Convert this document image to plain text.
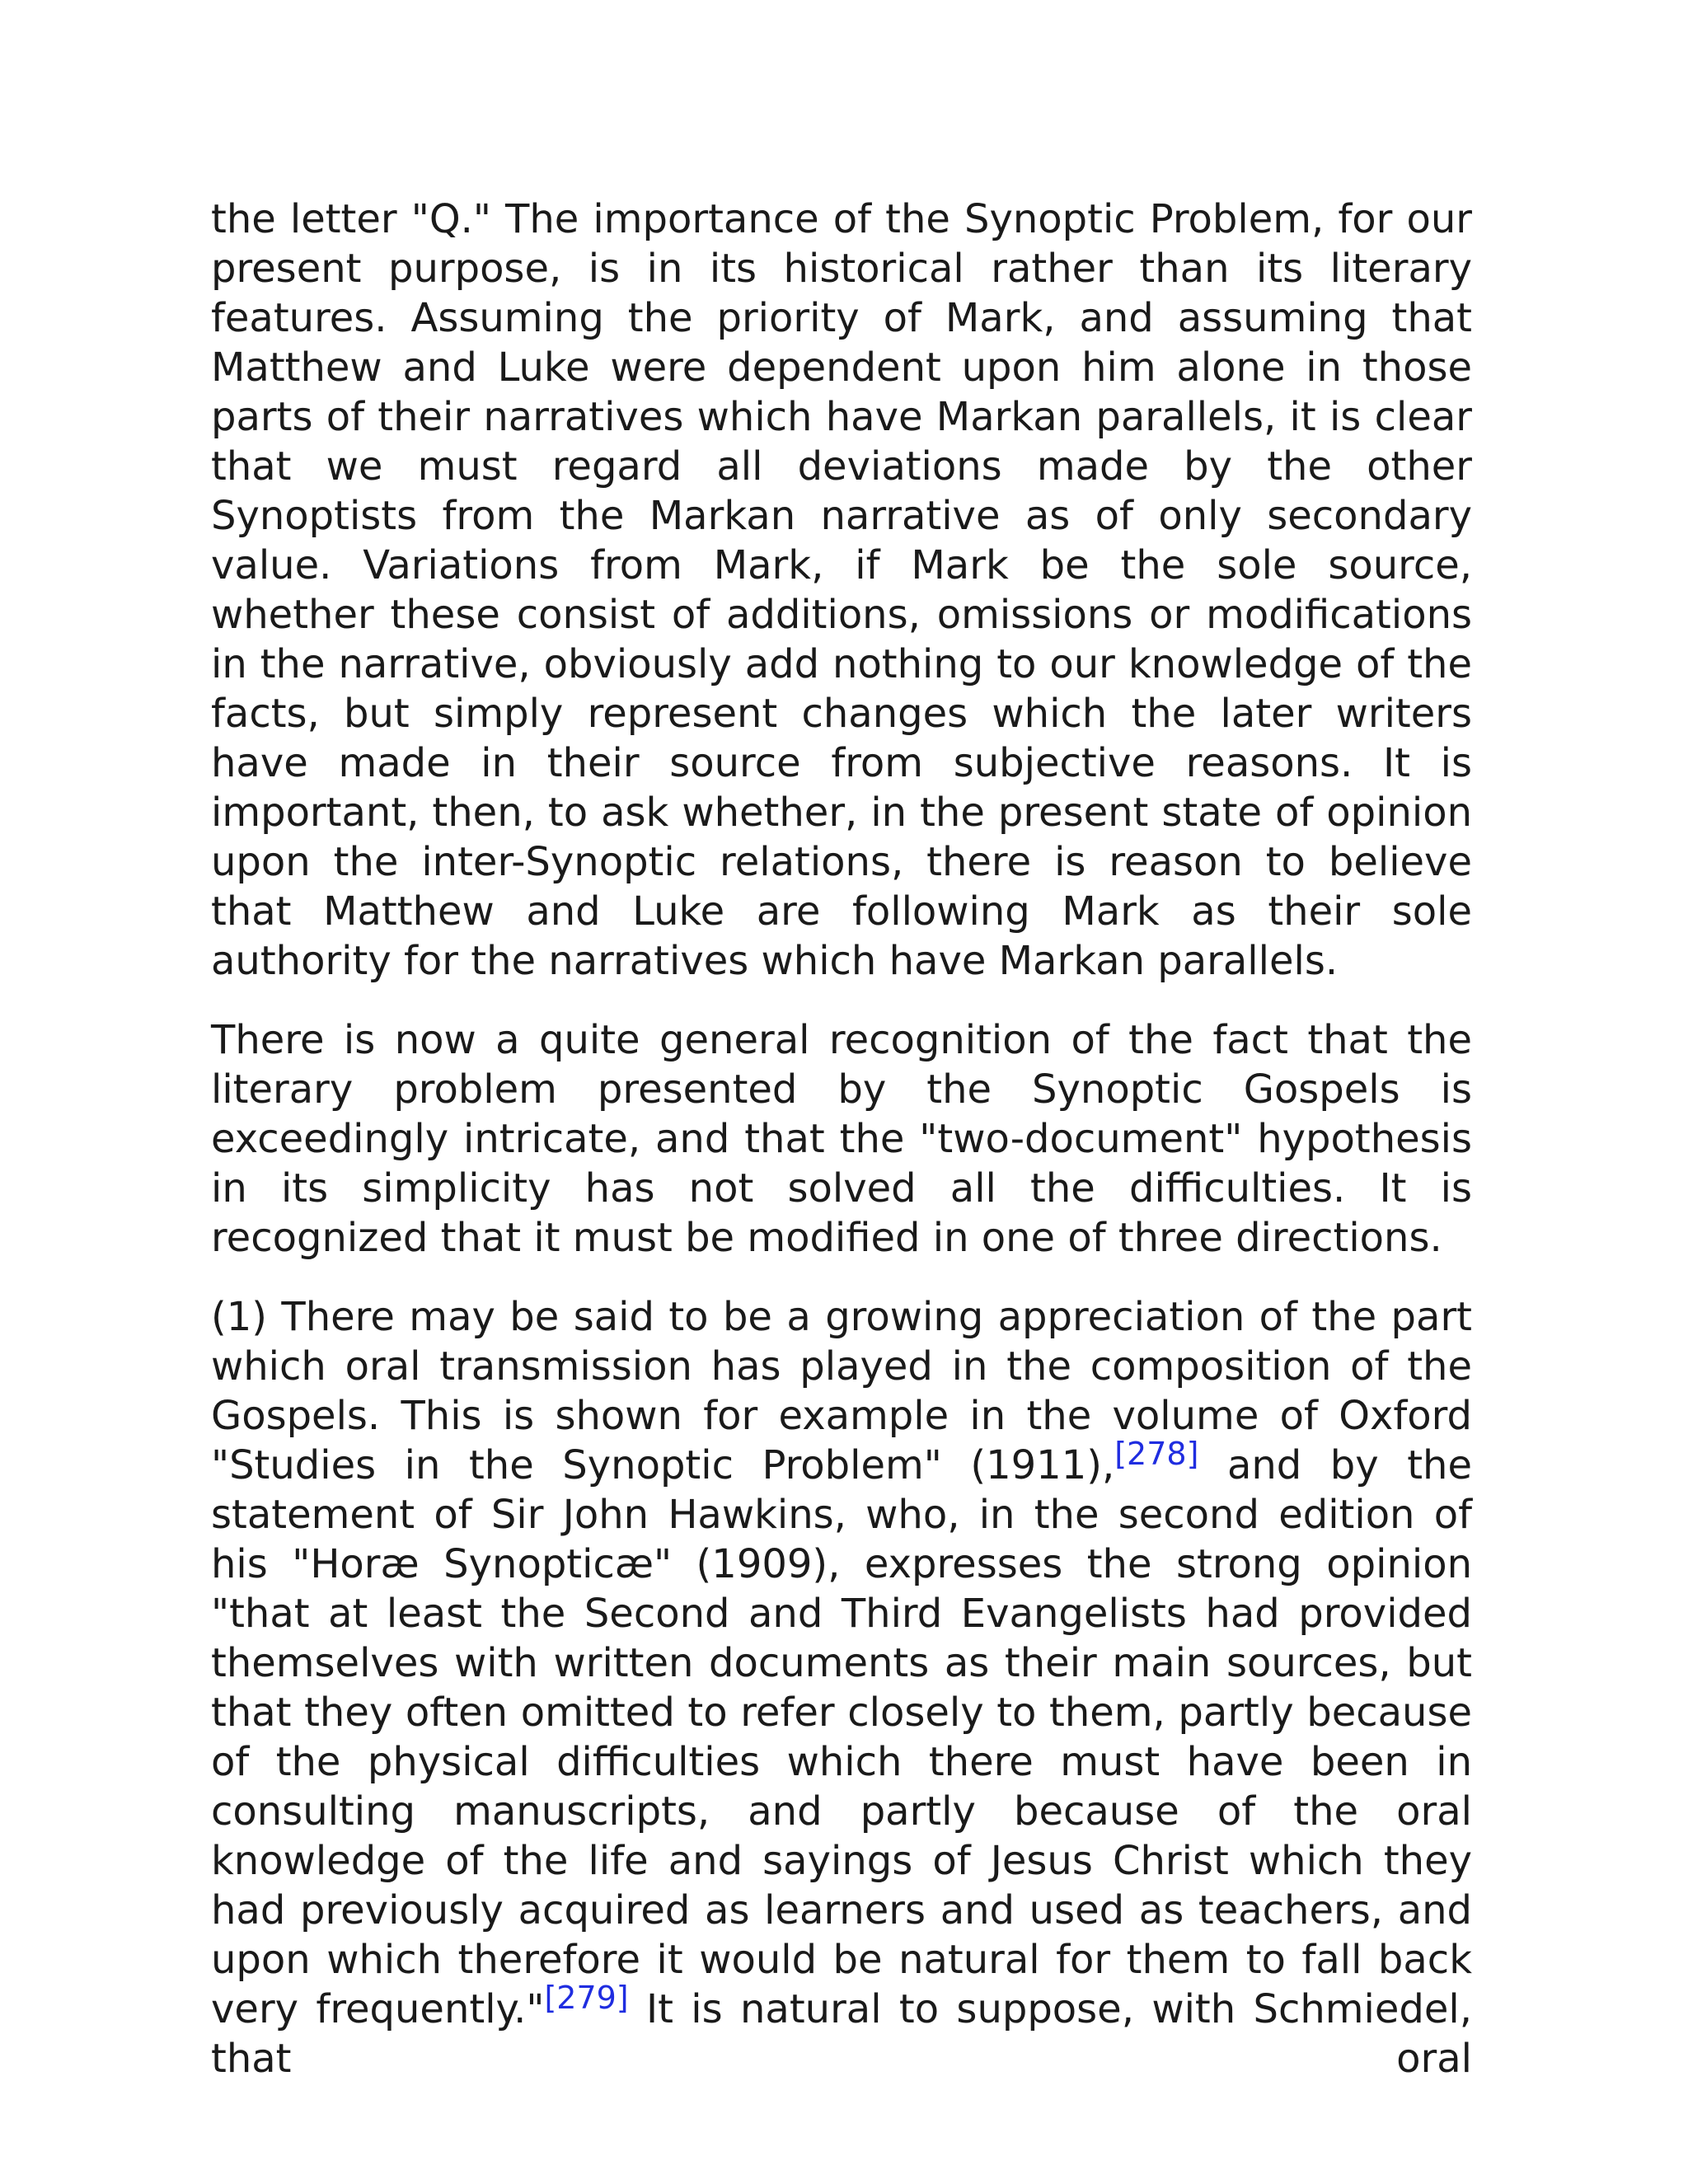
the letter "Q." The importance of the Synoptic Problem, for our present purpose, is in its historical rather than its literary features. Assuming the priority of Mark, and assuming that Matthew and Luke were dependent upon him alone in those parts of their narratives which have Markan parallels, it is clear that we must regard all deviations made by the other Synoptists from the Markan narrative as of only secondary value. Variations from Mark, if Mark be the sole source, whether these consist of additions, omissions or modifications in the narrative, obviously add nothing to our knowledge of the facts, but simply represent changes which the later writers have made in their source from subjective reasons. It is important, then, to ask whether, in the present state of opinion upon the inter-Synoptic relations, there is reason to believe that Matthew and Luke are following Mark as their sole authority for the narratives which have Markan parallels.

There is now a quite general recognition of the fact that the literary problem presented by the Synoptic Gospels is exceedingly intricate, and that the "two-document" hypothesis in its simplicity has not solved all the difficulties. It is recognized that it must be modified in one of three directions.

(1) There may be said to be a growing appreciation of the part which oral transmission has played in the composition of the Gospels. This is shown for example in the volume of Oxford "Studies in the Synoptic Problem" (1911),[278] and by the statement of Sir John Hawkins, who, in the second edition of his "Horæ Synopticæ" (1909), expresses the strong opinion "that at least the Second and Third Evangelists had provided themselves with written documents as their main sources, but that they often omitted to refer closely to them, partly because of the physical difficulties which there must have been in consulting manuscripts, and partly because of the oral knowledge of the life and sayings of Jesus Christ which they had previously acquired as learners and used as teachers, and upon which therefore it would be natural for them to fall back very frequently."[279] It is natural to suppose, with Schmiedel, that oral
